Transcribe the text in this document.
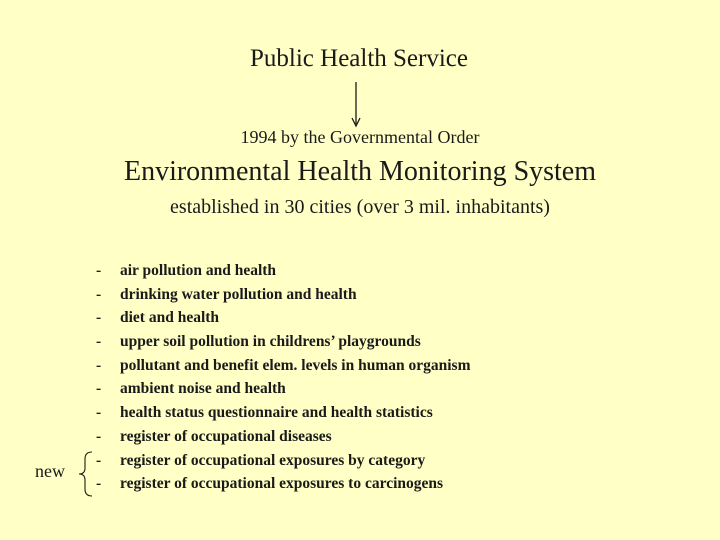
Public Health Service
1994 by the Governmental Order
Environmental Health Monitoring System
established in 30 cities (over 3 mil. inhabitants)
- air pollution and health
- drinking water pollution and health
- diet and health
- upper soil pollution in childrens’ playgrounds
- pollutant and benefit elem. levels in human organism
- ambient noise and health
- health status questionnaire and health statistics
- register of occupational diseases
- register of occupational exposures by category
- register of occupational exposures to carcinogens
new
